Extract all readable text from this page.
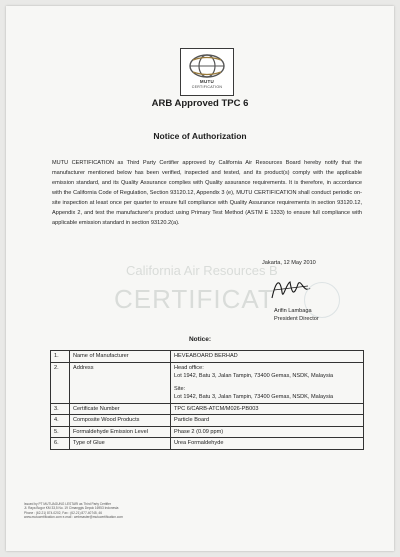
MUTU
CERTIFICATION
ARB Approved TPC 6
Notice of Authorization
California Air Resources B
CERTIFICAT

MUTU CERTIFICATION as Third Party Certifier approved by California Air Resources Board hereby notify that the manufacturer mentioned below has been verified, inspected and tested, and its product(s) comply with the applicable emission standard, and its Quality Assurance complies with Quality assurance requirements. It is therefore, in accordance with the California Code of Regulation, Section 93120.12, Appendix 3 (e), MUTU CERTIFICATION shall conduct periodic on-site inspection at least once per quarter to ensure full compliance with Quality Assurance requirements in section 93120.12, Appendix 2, and test the manufacturer's product using Primary Test Method (ASTM E 1333) to ensure full compliance with applicable emission standard in section 93120.2(a).

Jakarta, 12 May 2010
Arifin Lambaga
President Director
Notice:
1.	Name of Manufacturer	HEVEABOARD BERHAD
2.	Address	Head office:
Lot 1942, Batu 3, Jalan Tampin, 73400 Gemas, NSDK, Malaysia
Site:
Lot 1942, Batu 3, Jalan Tampin, 73400 Gemas, NSDK, Malaysia

3.	Certificate Number	TPC 6/CARB-ATCM/M026-PB003
4.	Composite Wood Products	Particle Board
5.	Formaldehyde Emission Level	Phase 2 (0.09 ppm)
6.	Type of Glue	Urea Formaldehyde
Issued by PT MUTUAGUNG LESTARI as Third Party Certifier
Jl. Raya Bogor KM 33,5 No. 19 Cimanggis Depok 16953 Indonesia
Phone : (62-21) 874-0202, Fax : (62-21) 877-40745, 46
www.mutucertification.com e-mail : webmaster@mutucertification.com
